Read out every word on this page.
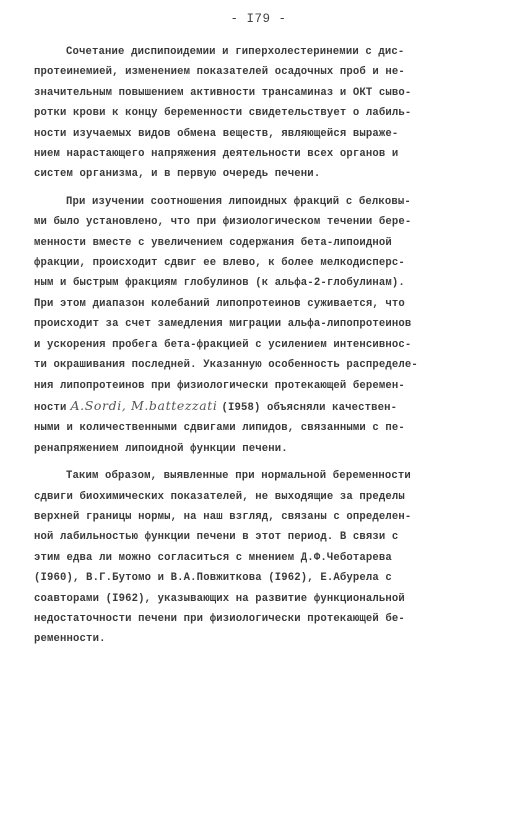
- I79 -
Сочетание диспипоидемии и гиперхолестеринемии с дис-
протеинемией, изменением показателей осадочных проб и не-
значительным повышением активности трансаминаз и ОКТ сыво-
ротки крови к концу беременности свидетельствует о лабиль-
ности изучаемых видов обмена веществ, являющейся выраже-
нием нарастающего напряжения деятельности всех органов и
систем организма, и в первую очередь печени.
При изучении соотношения липоидных фракций с белковы-
ми было установлено, что при физиологическом течении бере-
менности вместе с увеличением содержания бета-липоидной
фракции, происходит сдвиг ее влево, к более мелкодисперс-
ным и быстрым фракциям глобулинов (к альфа-2-глобулинам).
При этом диапазон колебаний липопротеинов суживается, что
происходит за счет замедления миграции альфа-липопротеинов
и ускорения пробега бета-фракцией с усилением интенсивнос-
ти окрашивания последней. Указанную особенность распределе-
ния липопротеинов при физиологически протекающей беремен-
ности A.Sordi, M.battezzati (I958) объясняли качествен-
ными и количественными сдвигами липидов, связанными с пе-
ренапряжением липоидной функции печени.
Таким образом, выявленные при нормальной беременности
сдвиги биохимических показателей, не выходящие за пределы
верхней границы нормы, на наш взгляд, связаны с определен-
ной лабильностью функции печени в этот период. В связи с
этим едва ли можно согласиться с мнением Д.Ф.Чеботарева
(I960), В.Г.Бутомо и В.А.Повжиткова (I962), Е.Абурела с
соавторами (I962), указывающих на развитие функциональной
недостаточности печени при физиологически протекающей бе-
ременности.
